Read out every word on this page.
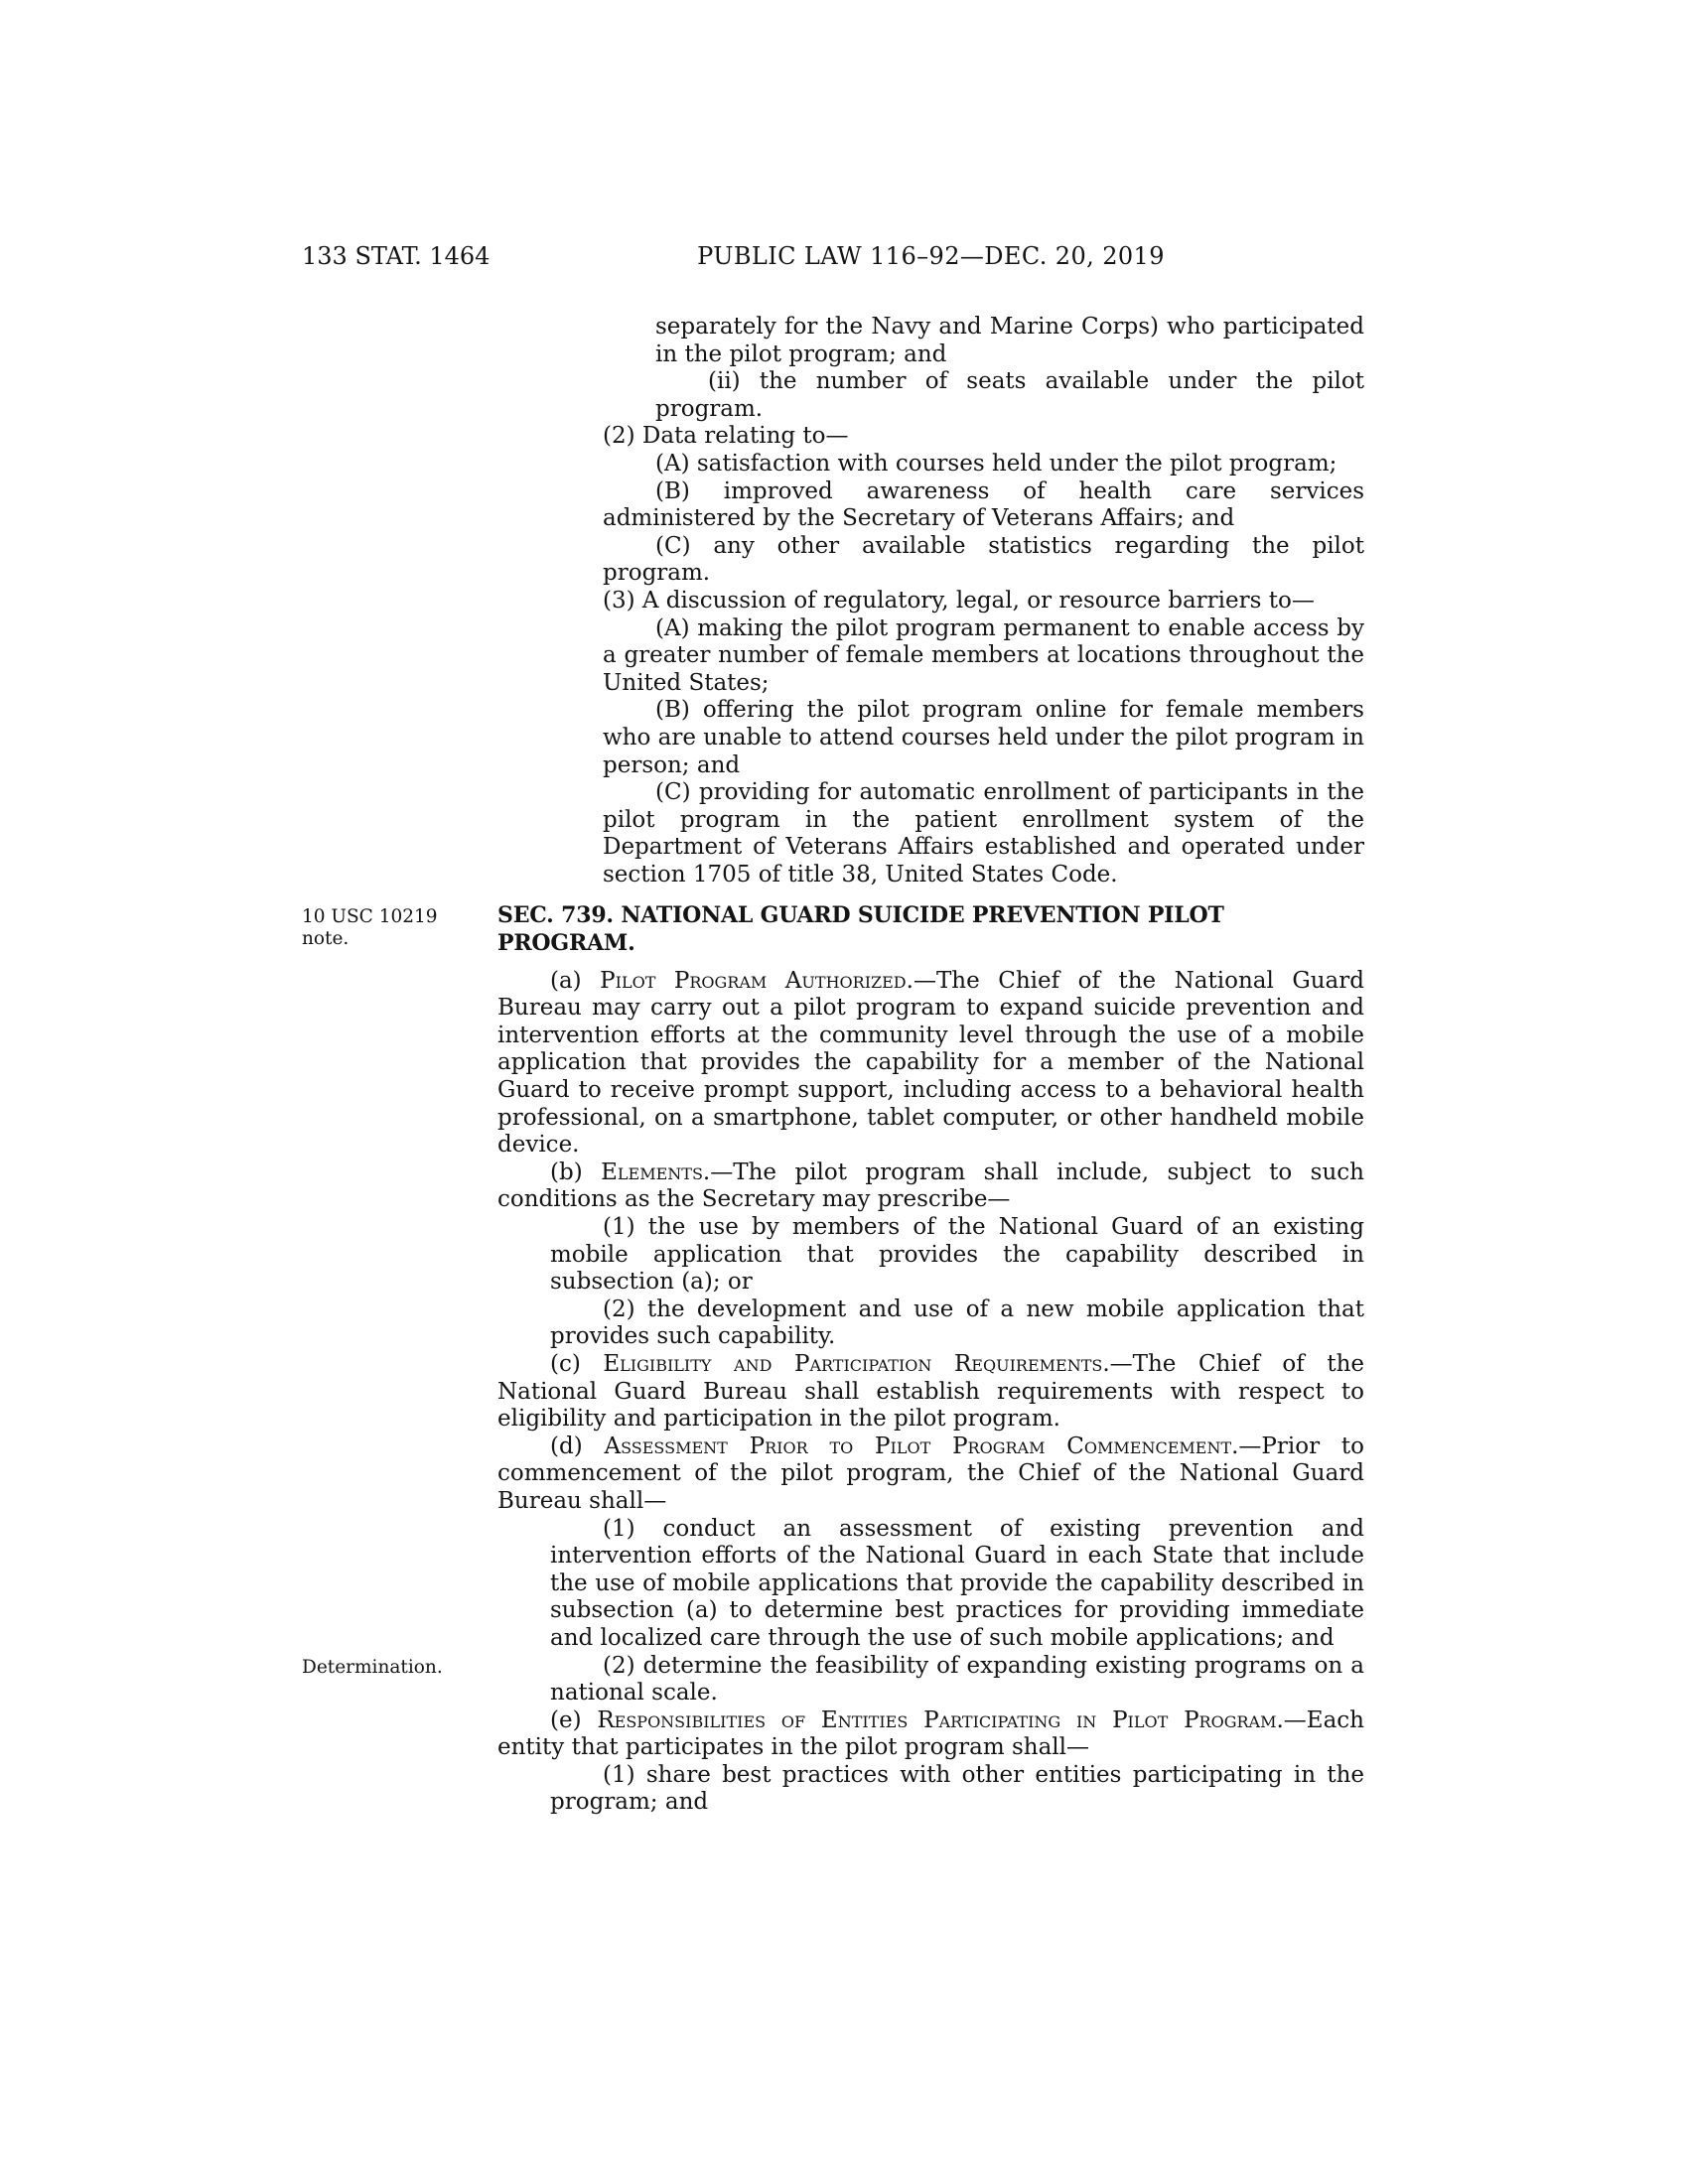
133 STAT. 1464	PUBLIC LAW 116–92—DEC. 20, 2019

separately for the Navy and Marine Corps) who participated in the pilot program; and

(ii) the number of seats available under the pilot program.

(2) Data relating to—

(A) satisfaction with courses held under the pilot program;

(B) improved awareness of health care services administered by the Secretary of Veterans Affairs; and

(C) any other available statistics regarding the pilot program.

(3) A discussion of regulatory, legal, or resource barriers to—

(A) making the pilot program permanent to enable access by a greater number of female members at locations throughout the United States;

(B) offering the pilot program online for female members who are unable to attend courses held under the pilot program in person; and

(C) providing for automatic enrollment of participants in the pilot program in the patient enrollment system of the Department of Veterans Affairs established and operated under section 1705 of title 38, United States Code.

10 USC 10219 note.
SEC. 739. NATIONAL GUARD SUICIDE PREVENTION PILOT PROGRAM.

(a) Pilot Program Authorized.—The Chief of the National Guard Bureau may carry out a pilot program to expand suicide prevention and intervention efforts at the community level through the use of a mobile application that provides the capability for a member of the National Guard to receive prompt support, including access to a behavioral health professional, on a smartphone, tablet computer, or other handheld mobile device.

(b) Elements.—The pilot program shall include, subject to such conditions as the Secretary may prescribe—

(1) the use by members of the National Guard of an existing mobile application that provides the capability described in subsection (a); or

(2) the development and use of a new mobile application that provides such capability.

(c) Eligibility and Participation Requirements.—The Chief of the National Guard Bureau shall establish requirements with respect to eligibility and participation in the pilot program.

(d) Assessment Prior to Pilot Program Commencement.—Prior to commencement of the pilot program, the Chief of the National Guard Bureau shall—

(1) conduct an assessment of existing prevention and intervention efforts of the National Guard in each State that include the use of mobile applications that provide the capability described in subsection (a) to determine best practices for providing immediate and localized care through the use of such mobile applications; and

Determination.	(2) determine the feasibility of expanding existing programs on a national scale.

(e) Responsibilities of Entities Participating in Pilot Program.—Each entity that participates in the pilot program shall—

(1) share best practices with other entities participating in the program; and
